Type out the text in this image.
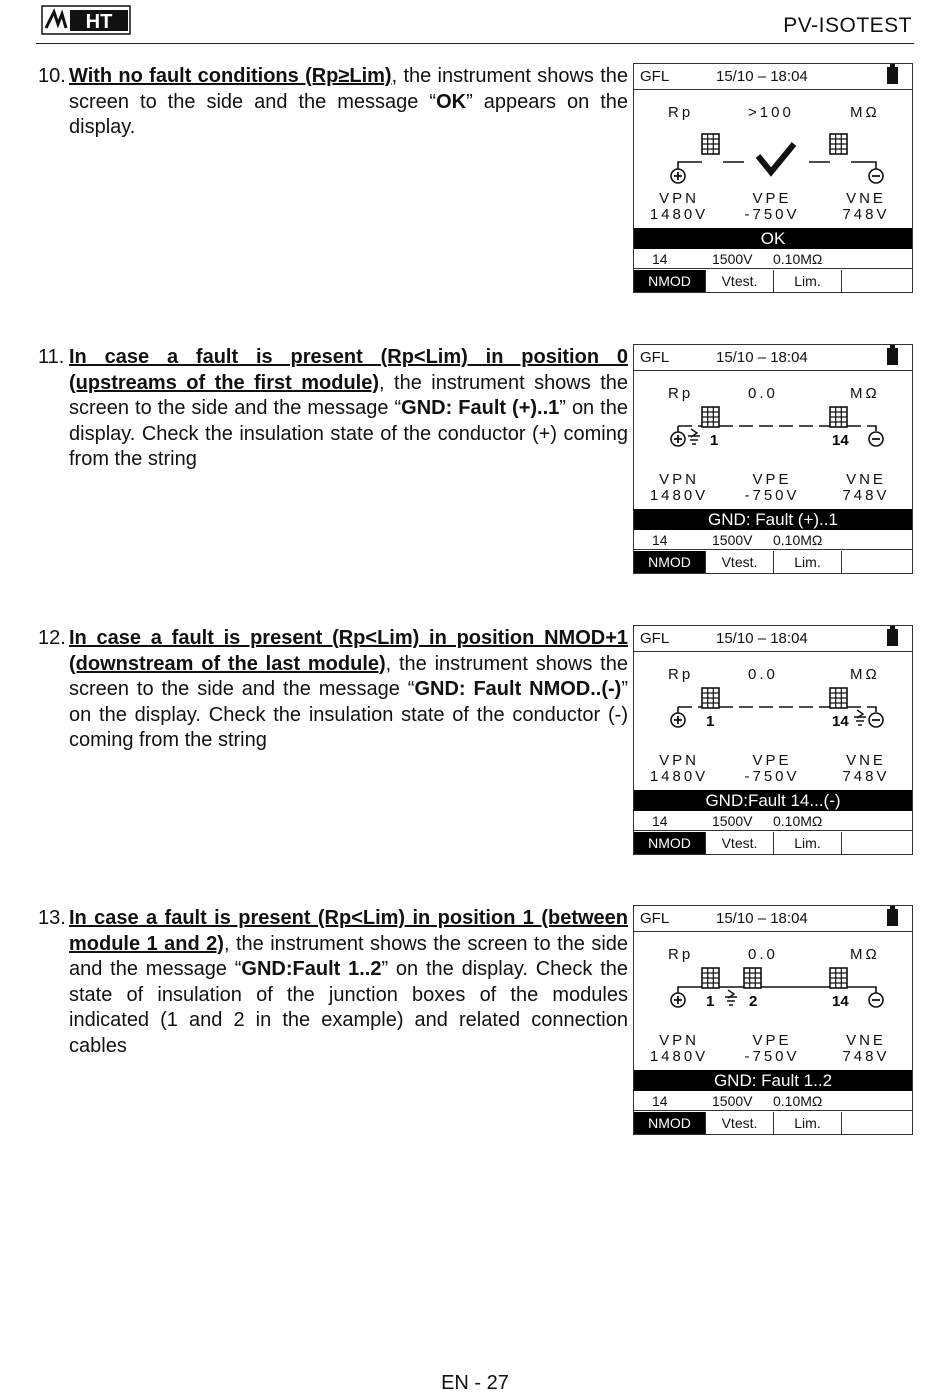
HT	PV-ISOTEST
10. With no fault conditions (Rp≥Lim), the instrument shows the screen to the side and the message “OK” appears on the display.

11. In case a fault is present (Rp<Lim) in position 0 (upstreams of the first module), the instrument shows the screen to the side and the message “GND: Fault (+)..1” on the display. Check the insulation state of the conductor (+) coming from the string

12. In case a fault is present (Rp<Lim) in position NMOD+1 (downstream of the last module), the instrument shows the screen to the side and the message “GND: Fault NMOD..(-)” on the display. Check the insulation state of the conductor (-) coming from the string

13. In case a fault is present (Rp<Lim) in position 1 (between module 1 and 2), the instrument shows the screen to the side and the message “GND:Fault 1..2” on the display. Check the state of insulation of the junction boxes of the modules indicated (1 and 2 in the example) and related connection cables

GFL	15/10 – 18:04
Rp	>100	MΩ
VPN	VPE	VNE
1480V	-750V	748V
OK
14	1500V 0.10MΩ
NMOD	Vtest.	Lim.
GFL	15/10 – 18:04
Rp	0.0	MΩ
1	14
VPN	VPE	VNE
1480V	-750V	748V
GND: Fault (+)..1
14	1500V 0.10MΩ
NMOD	Vtest.	Lim.
GFL	15/10 – 18:04
Rp	0.0	MΩ
1	14
VPN	VPE	VNE
1480V	-750V	748V
GND:Fault 14...(-)
14	1500V 0.10MΩ
NMOD	Vtest.	Lim.
GFL	15/10 – 18:04
Rp	0.0	MΩ
1 2	14
VPN	VPE	VNE
1480V	-750V	748V
GND: Fault 1..2
14	1500V 0.10MΩ
NMOD	Vtest.	Lim.
EN - 27
